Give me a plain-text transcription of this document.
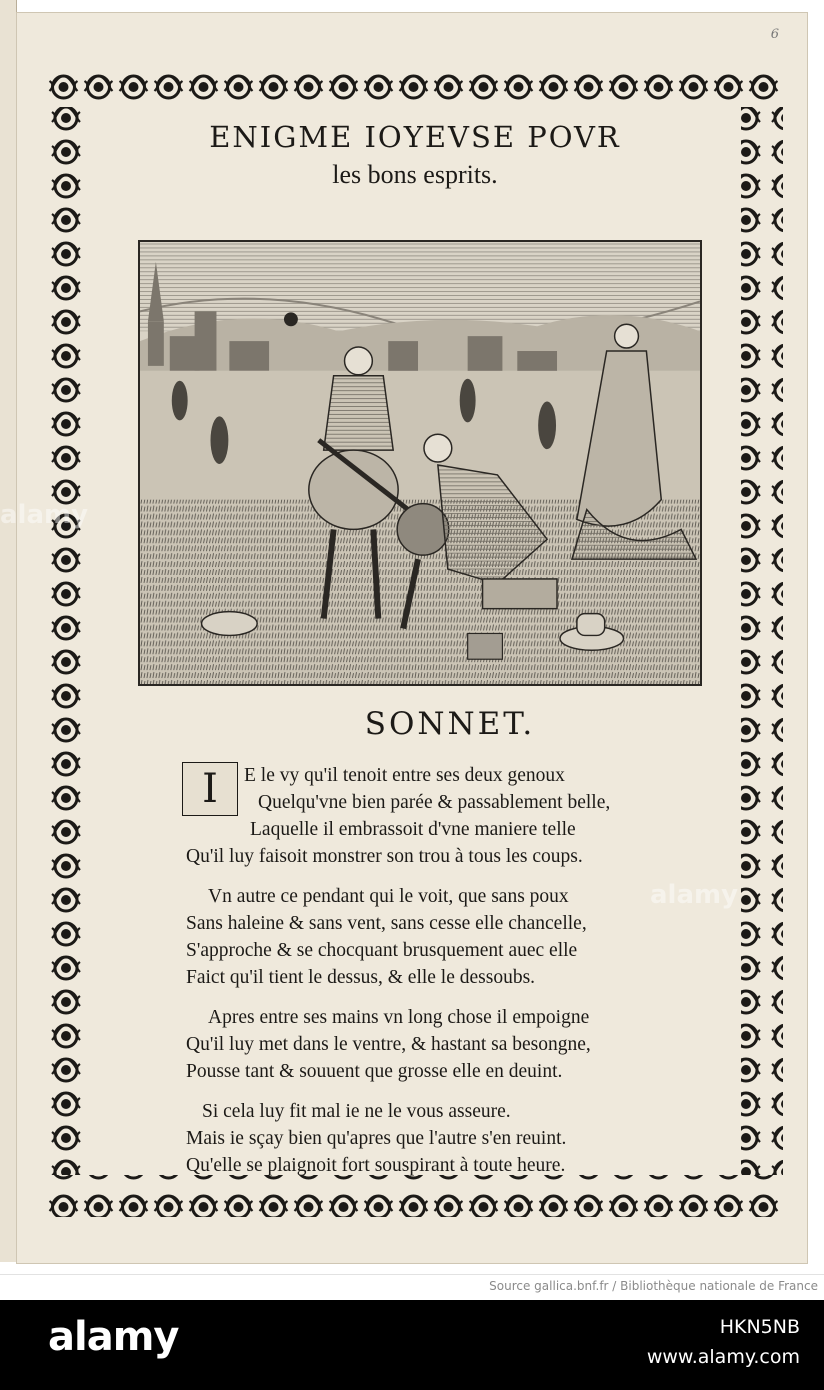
6
ENIGME IOYEVSE POVR
les bons esprits.
SONNET.
I	E le vy qu'il tenoit entre ses deux genoux
Quelqu'vne bien parée & passablement belle,
Laquelle il embrassoit d'vne maniere telle
Qu'il luy faisoit monstrer son trou à tous les coups.
Vn autre ce pendant qui le voit, que sans poux
Sans haleine & sans vent, sans cesse elle chancelle,
S'approche & se chocquant brusquement auec elle
Faict qu'il tient le dessus, & elle le dessoubs.
Apres entre ses mains vn long chose il empoigne
Qu'il luy met dans le ventre, & hastant sa besongne,
Pousse tant & souuent que grosse elle en deuint.
Si cela luy fit mal ie ne le vous asseure.
Mais ie sçay bien qu'apres que l'autre s'en reuint.
Qu'elle se plaignoit fort souspirant à toute heure.
alamy
alamy
Source gallica.bnf.fr / Bibliothèque nationale de France
alamy	HKN5NB
www.alamy.com
